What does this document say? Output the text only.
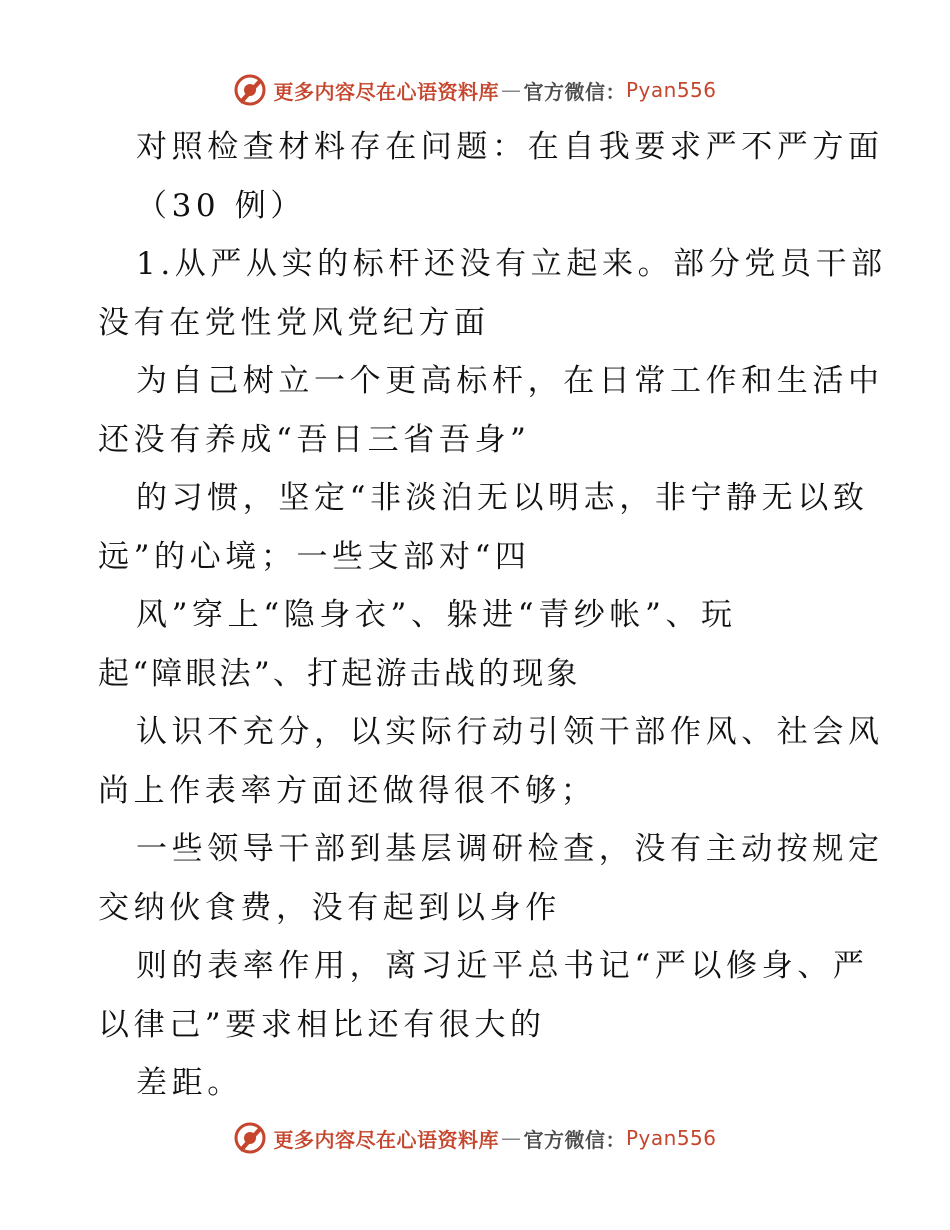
更多内容尽在心语资料库 — 官方微信： Pyan556
对照检查材料存在问题：在自我要求严不严方面
（30 例）
1.从严从实的标杆还没有立起来。部分党员干部
没有在党性党风党纪方面
为自己树立一个更高标杆，在日常工作和生活中
还没有养成“吾日三省吾身”
的习惯，坚定“非淡泊无以明志，非宁静无以致
远”的心境；一些支部对“四
风”穿上“隐身衣”、躲进“青纱帐”、玩
起“障眼法”、打起游击战的现象
认识不充分，以实际行动引领干部作风、社会风
尚上作表率方面还做得很不够；
一些领导干部到基层调研检查，没有主动按规定
交纳伙食费，没有起到以身作
则的表率作用，离习近平总书记“严以修身、严
以律己”要求相比还有很大的
差距。
更多内容尽在心语资料库 — 官方微信： Pyan556
